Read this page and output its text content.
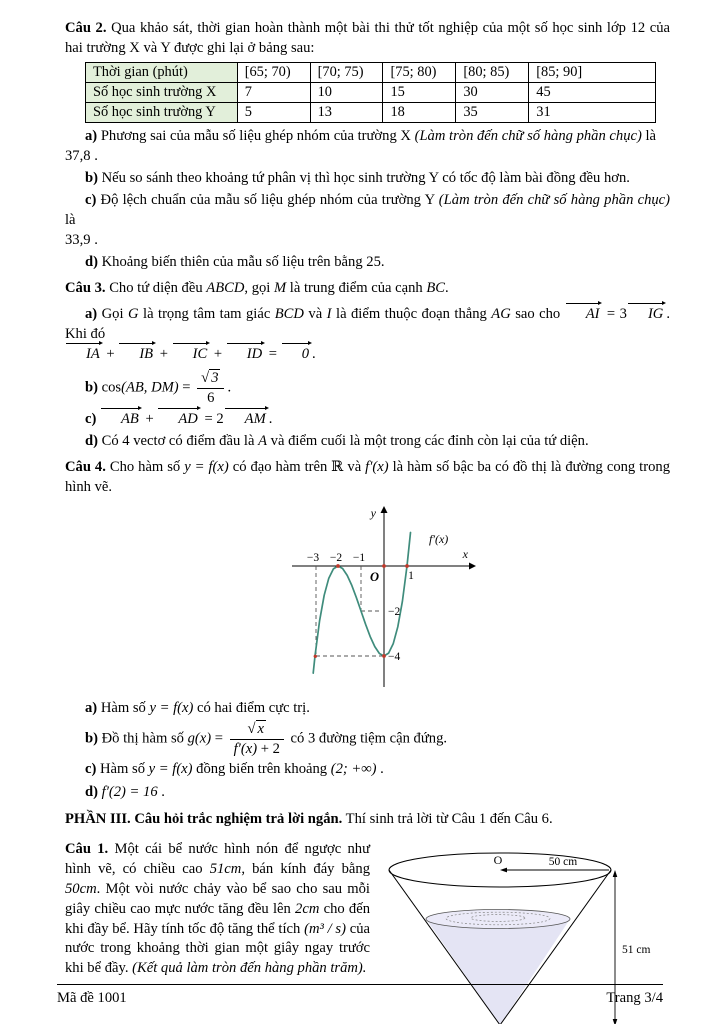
Câu 2. Qua khảo sát, thời gian hoàn thành một bài thi thử tốt nghiệp của một số học sinh lớp 12 của hai trường X và Y được ghi lại ở bảng sau:

Thời gian (phút)	[65; 70)	[70; 75)	[75; 80)	[80; 85)	[85; 90]
Số học sinh trường X	7	10	15	30	45
Số học sinh trường Y	5	13	18	35	31

a) Phương sai của mẫu số liệu ghép nhóm của trường X (Làm tròn đến chữ số hàng phần chục) là
37,8 .

b) Nếu so sánh theo khoảng tứ phân vị thì học sinh trường Y có tốc độ làm bài đồng đều hơn.

c) Độ lệch chuẩn của mẫu số liệu ghép nhóm của trường Y (Làm tròn đến chữ số hàng phần chục) là
33,9 .

d) Khoảng biến thiên của mẫu số liệu trên bằng 25.

Câu 3. Cho tứ diện đều ABCD, gọi M là trung điểm của cạnh BC.

a) Gọi G là trọng tâm tam giác BCD và I là điểm thuộc đoạn thẳng AG sao cho AI = 3 IG . Khi đó
IA + IB + IC + ID = 0 .

b) cos(AB, $DM) = \frac{√ 3}{6}$ .

c) AB + AD = 2 AM .

d) Có 4 vectơ có điểm đầu là A và điểm cuối là một trong các đỉnh còn lại của tứ diện.

Câu 4. Cho hàm số y = f(x) có đạo hàm trên ℝ và f′(x) là hàm số bậc ba có đồ thị là đường cong trong hình vẽ.

y
x
O
−3 −2 −1
1
−2
−4
f′(x)

a) Hàm số y = f(x) có hai điểm cực trị.

b) Đồ thị hàm số $g(x) = \frac{√ x}{f'(x) + 2}$ có 3 đường tiệm cận đứng.

c) Hàm số y = f(x) đồng biến trên khoảng (2; +∞) .

d) f′(2) = 16 .

PHẦN III. Câu hỏi trắc nghiệm trả lời ngắn. Thí sinh trả lời từ Câu 1 đến Câu 6.

Câu 1. Một cái bể nước hình nón để ngược như hình vẽ, có chiều cao 51cm, bán kính đáy bằng 50cm. Một vòi nước chảy vào bể sao cho sau mỗi giây chiều cao mực nước tăng đều lên 2cm cho đến khi đầy bể. Hãy tính tốc độ tăng thể tích (m³ / s) của nước trong khoảng thời gian một giây ngay trước khi bể đầy. (Kết quả làm tròn đến hàng phần trăm).

O	50 cm
51 cm
Mã đề 1001	Trang 3/4
